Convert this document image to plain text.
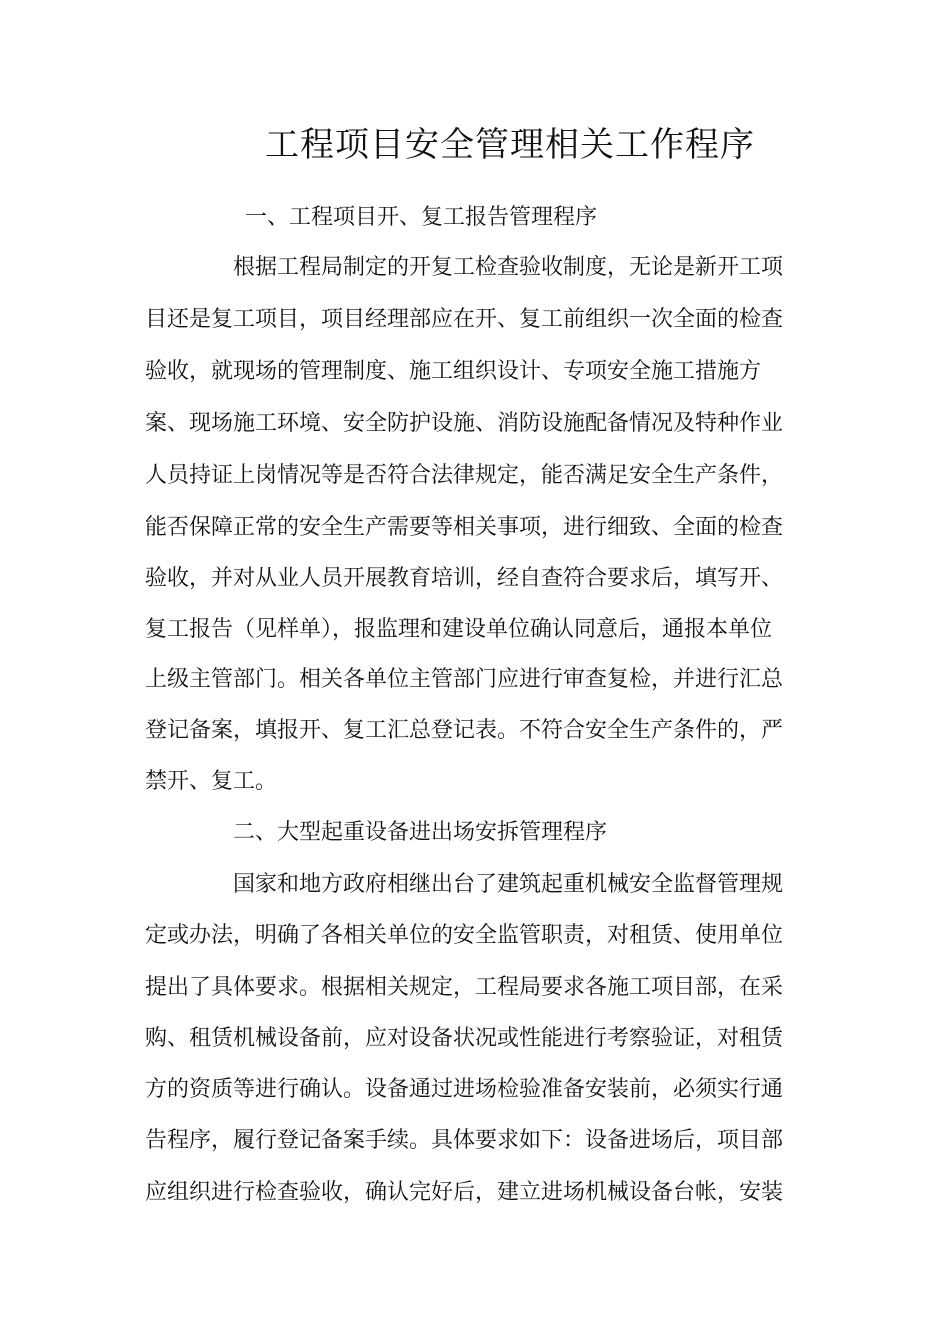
工程项目安全管理相关工作程序
一、工程项目开、复工报告管理程序
根据工程局制定的开复工检查验收制度，无论是新开工项
目还是复工项目，项目经理部应在开、复工前组织一次全面的检查
验收，就现场的管理制度、施工组织设计、专项安全施工措施方
案、现场施工环境、安全防护设施、消防设施配备情况及特种作业
人员持证上岗情况等是否符合法律规定，能否满足安全生产条件，
能否保障正常的安全生产需要等相关事项，进行细致、全面的检查
验收，并对从业人员开展教育培训，经自查符合要求后，填写开、
复工报告（见样单），报监理和建设单位确认同意后，通报本单位
上级主管部门。相关各单位主管部门应进行审查复检，并进行汇总
登记备案，填报开、复工汇总登记表。不符合安全生产条件的，严
禁开、复工。
二、大型起重设备进出场安拆管理程序
国家和地方政府相继出台了建筑起重机械安全监督管理规
定或办法，明确了各相关单位的安全监管职责，对租赁、使用单位
提出了具体要求。根据相关规定，工程局要求各施工项目部，在采
购、租赁机械设备前，应对设备状况或性能进行考察验证，对租赁
方的资质等进行确认。设备通过进场检验准备安装前，必须实行通
告程序，履行登记备案手续。具体要求如下：设备进场后，项目部
应组织进行检查验收，确认完好后，建立进场机械设备台帐，安装
